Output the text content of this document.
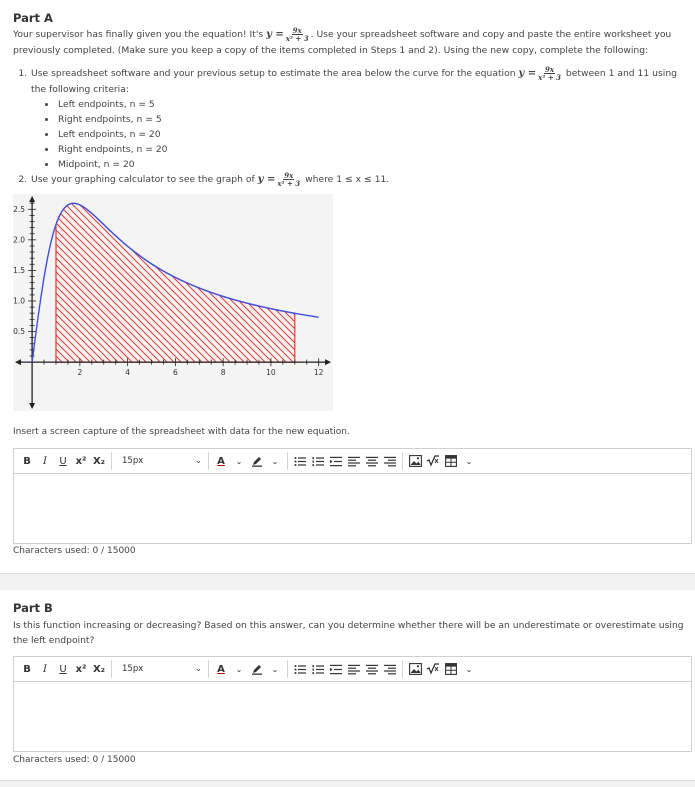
Part A
Your supervisor has finally given you the equation! It's $y = \frac{9x}{\text{x² + 3}}$ . Use your spreadsheet software and copy and paste the entire worksheet you previously completed. (Make sure you keep a copy of the items completed in Steps 1 and 2). Using the new copy, complete the following:
1. Use spreadsheet software and your previous setup to estimate the area below the curve for the equation $y = \frac{9x}{\text{x² + 3}}$ between 1 and 11 using the following criteria:
• Left endpoints, n = 5
• Right endpoints, n = 5
• Left endpoints, n = 20
• Right endpoints, n = 20
• Midpoint, n = 20
2. Use your graphing calculator to see the graph of $y = \frac{9x}{\text{x² + 3}}$ where 1 ≤ x ≤ 11.
2	4	6	8	10	12
0.5
1.0
1.5
2.0
2.5
Insert a screen capture of the spreadsheet with data for the new equation.
B	I	U x² X₂	15px	⌄	A	⌄	⌄	⌄
Characters used: 0 / 15000
Part B
Is this function increasing or decreasing? Based on this answer, can you determine whether there will be an underestimate or overestimate using the left endpoint?
B	I	U x² X₂	15px	⌄	A	⌄	⌄	⌄
Characters used: 0 / 15000
